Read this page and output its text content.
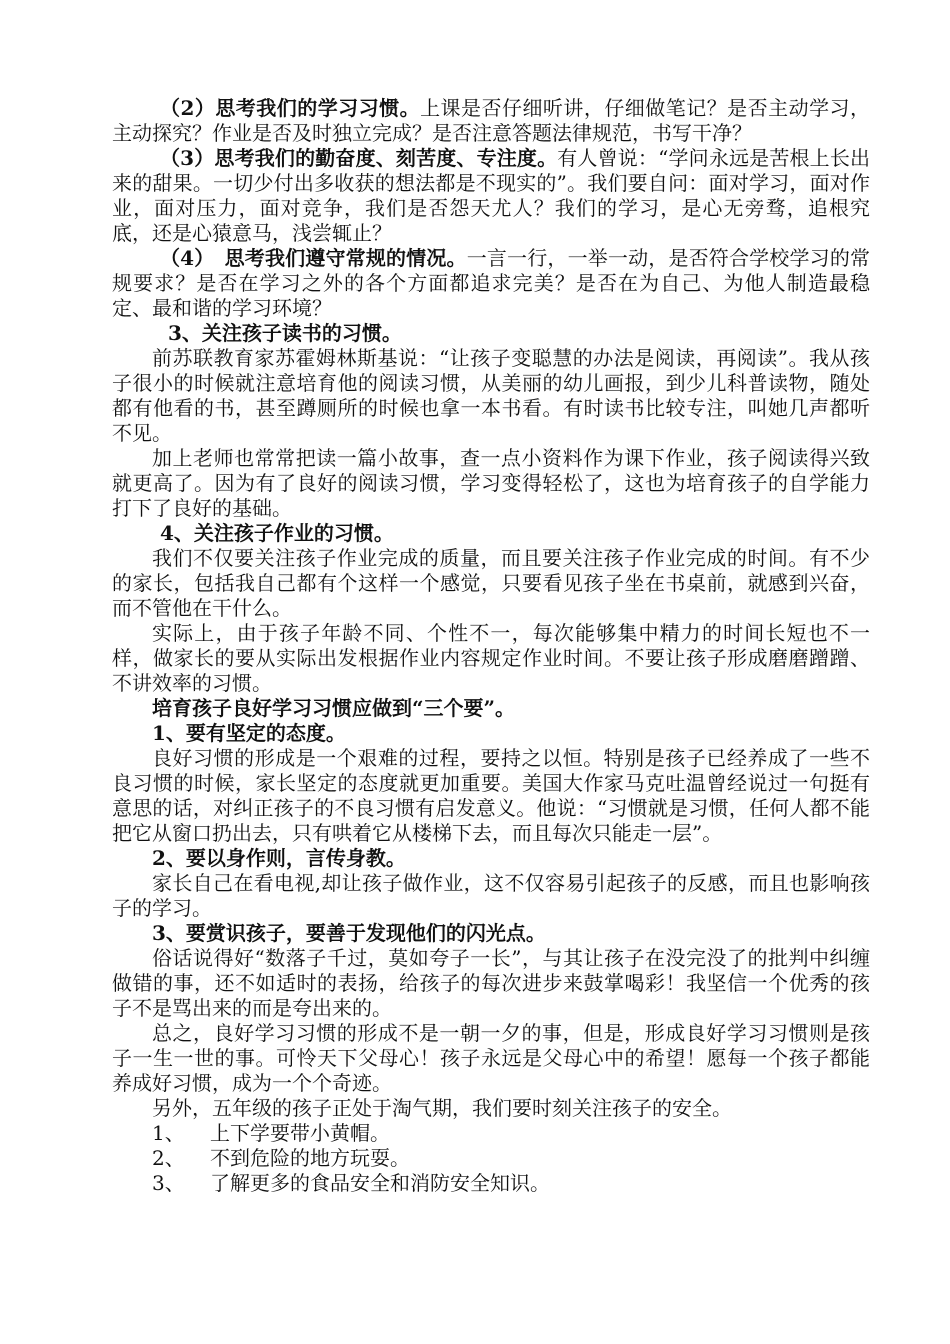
（2）思考我们的学习习惯。上课是否仔细听讲，仔细做笔记？是否主动学习，主动探究？作业是否及时独立完成？是否注意答题法律规范，书写干净？

（3）思考我们的勤奋度、刻苦度、专注度。有人曾说：“学问永远是苦根上长出来的甜果。一切少付出多收获的想法都是不现实的”。我们要自问：面对学习，面对作业，面对压力，面对竞争，我们是否怨天尤人？我们的学习，是心无旁骛，追根究底，还是心猿意马，浅尝辄止？

（4）　思考我们遵守常规的情况。一言一行，一举一动，是否符合学校学习的常规要求？是否在学习之外的各个方面都追求完美？是否在为自己、为他人制造最稳定、最和谐的学习环境？

3、关注孩子读书的习惯。

前苏联教育家苏霍姆林斯基说：“让孩子变聪慧的办法是阅读，再阅读”。我从孩子很小的时候就注意培育他的阅读习惯，从美丽的幼儿画报，到少儿科普读物，随处都有他看的书，甚至蹲厕所的时候也拿一本书看。有时读书比较专注，叫她几声都听不见。

加上老师也常常把读一篇小故事，查一点小资料作为课下作业，孩子阅读得兴致就更高了。因为有了良好的阅读习惯，学习变得轻松了，这也为培育孩子的自学能力打下了良好的基础。

4、关注孩子作业的习惯。

我们不仅要关注孩子作业完成的质量，而且要关注孩子作业完成的时间。有不少的家长，包括我自己都有个这样一个感觉，只要看见孩子坐在书桌前，就感到兴奋，而不管他在干什么。

实际上，由于孩子年龄不同、个性不一，每次能够集中精力的时间长短也不一样，做家长的要从实际出发根据作业内容规定作业时间。不要让孩子形成磨磨蹭蹭、不讲效率的习惯。

培育孩子良好学习习惯应做到“三个要”。

1、要有坚定的态度。

良好习惯的形成是一个艰难的过程，要持之以恒。特别是孩子已经养成了一些不良习惯的时候，家长坚定的态度就更加重要。美国大作家马克吐温曾经说过一句挺有意思的话，对纠正孩子的不良习惯有启发意义。他说：“习惯就是习惯，任何人都不能把它从窗口扔出去，只有哄着它从楼梯下去，而且每次只能走一层”。

2、要以身作则，言传身教。

家长自己在看电视,却让孩子做作业，这不仅容易引起孩子的反感，而且也影响孩子的学习。

3、要赏识孩子，要善于发现他们的闪光点。

俗话说得好“数落子千过，莫如夸子一长”，与其让孩子在没完没了的批判中纠缠做错的事，还不如适时的表扬，给孩子的每次进步来鼓掌喝彩！我坚信一个优秀的孩子不是骂出来的而是夸出来的。

总之，良好学习习惯的形成不是一朝一夕的事，但是，形成良好学习习惯则是孩子一生一世的事。可怜天下父母心！孩子永远是父母心中的希望！愿每一个孩子都能养成好习惯，成为一个个奇迹。

另外，五年级的孩子正处于淘气期，我们要时刻关注孩子的安全。

1、 上下学要带小黄帽。

2、 不到危险的地方玩耍。

3、 了解更多的食品安全和消防安全知识。
